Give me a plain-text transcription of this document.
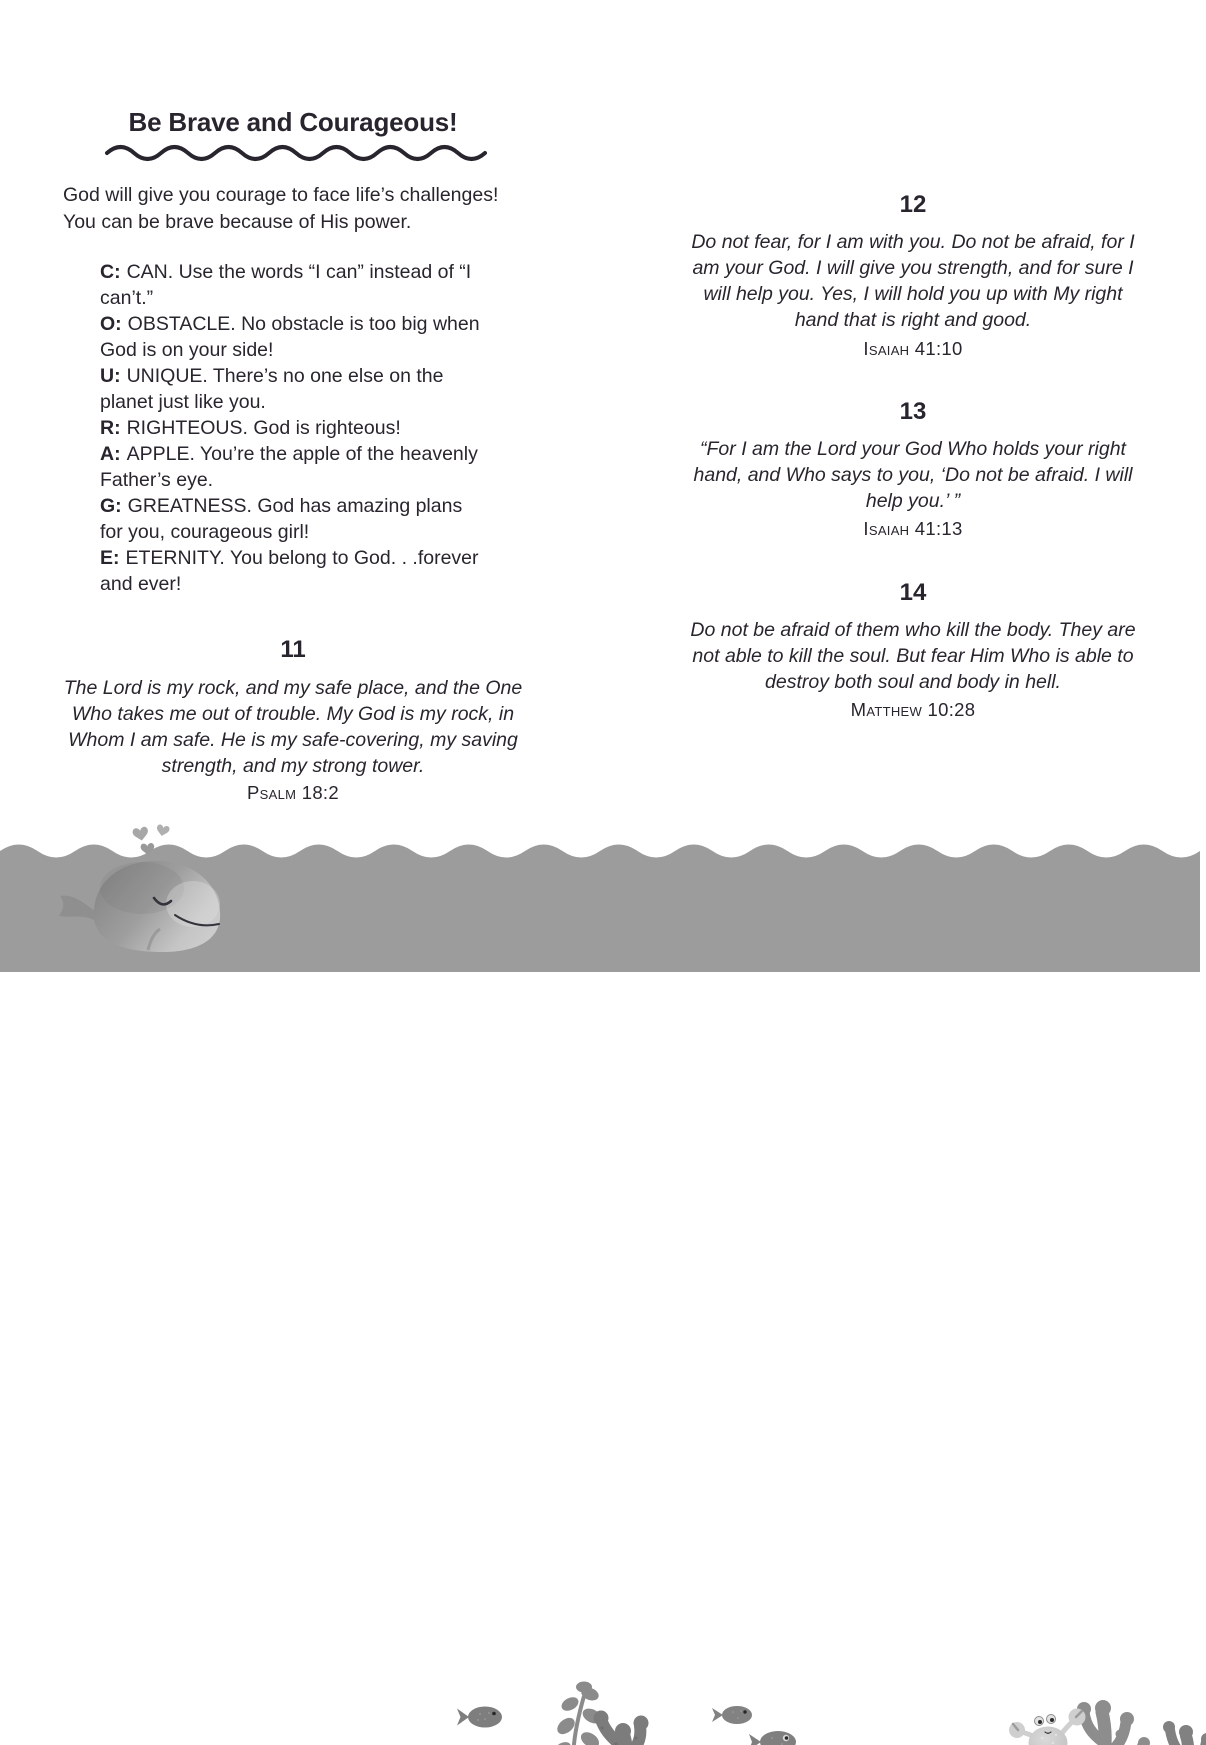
Be Brave and Courageous!
God will give you courage to face life’s challenges! You can be brave because of His power.

C: CAN. Use the words “I can” instead of “I can’t.”

O: OBSTACLE. No obstacle is too big when God is on your side!

U: UNIQUE. There’s no one else on the planet just like you.

R: RIGHTEOUS. God is righteous!

A: APPLE. You’re the apple of the heavenly Father’s eye.

G: GREATNESS. God has amazing plans for you, courageous girl!

E: ETERNITY. You belong to God. . .forever and ever!

11
The Lord is my rock, and my safe place, and the One Who takes me out of trouble. My God is my rock, in Whom I am safe. He is my safe-covering, my saving strength, and my strong tower.
Psalm 18:2
12
Do not fear, for I am with you. Do not be afraid, for I am your God. I will give you strength, and for sure I will help you. Yes, I will hold you up with My right hand that is right and good.
Isaiah 41:10
13
“For I am the Lord your God Who holds your right hand, and Who says to you, ‘Do not be afraid. I will help you.’ ”
Isaiah 41:13
14
Do not be afraid of them who kill the body. They are not able to kill the soul. But fear Him Who is able to destroy both soul and body in hell.
Matthew 10:28
14	15
